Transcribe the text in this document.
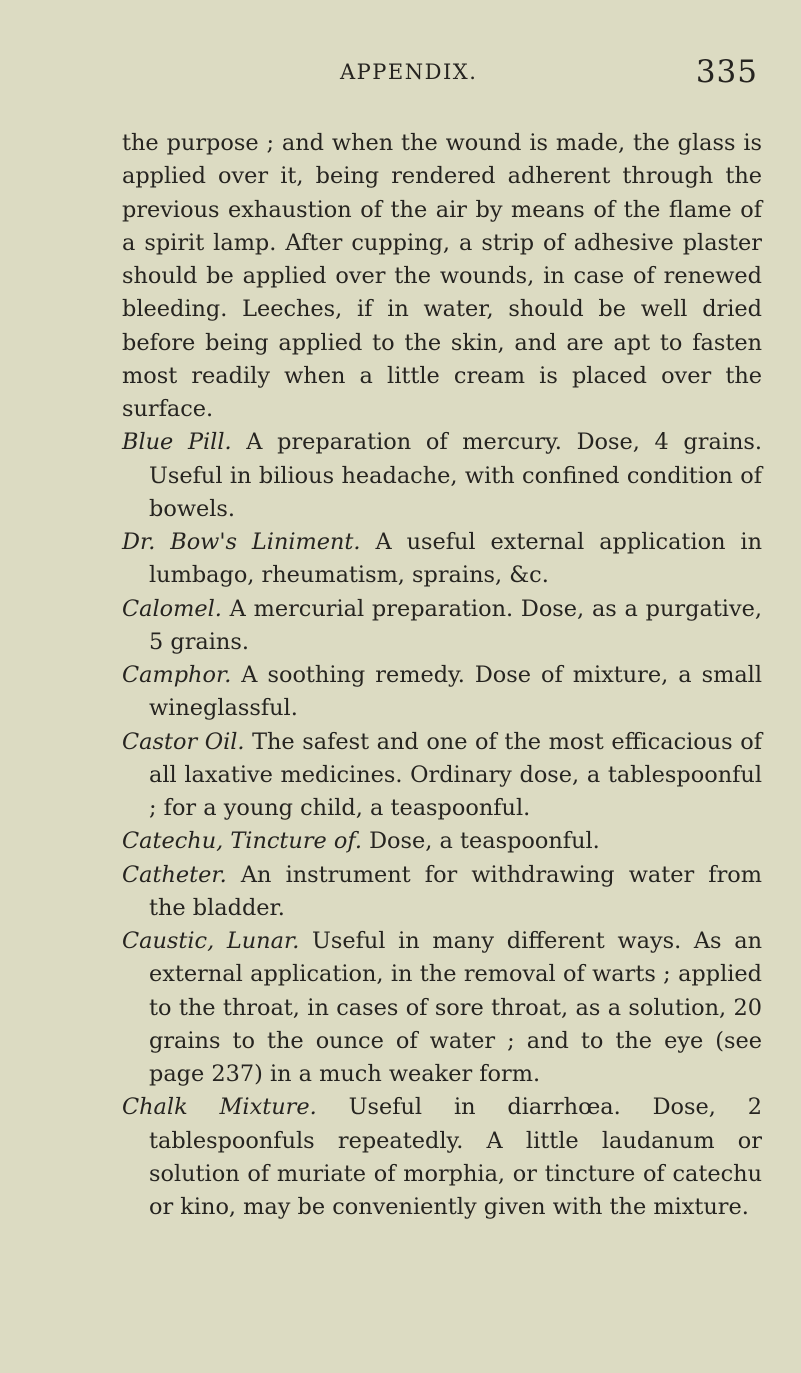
APPENDIX.	335

the purpose ; and when the wound is made, the glass is applied over it, being rendered adherent through the previous exhaustion of the air by means of the flame of a spirit lamp. After cupping, a strip of adhesive plaster should be applied over the wounds, in case of renewed bleeding. Leeches, if in water, should be well dried before being applied to the skin, and are apt to fasten most readily when a little cream is placed over the surface.

Blue Pill. A preparation of mercury. Dose, 4 grains. Useful in bilious headache, with confined condition of bowels.

Dr. Bow's Liniment. A useful external application in lumbago, rheumatism, sprains, &c.

Calomel. A mercurial preparation. Dose, as a purgative, 5 grains.

Camphor. A soothing remedy. Dose of mixture, a small wineglassful.

Castor Oil. The safest and one of the most efficacious of all laxative medicines. Ordinary dose, a tablespoonful ; for a young child, a teaspoonful.

Catechu, Tincture of. Dose, a teaspoonful.

Catheter. An instrument for withdrawing water from the bladder.

Caustic, Lunar. Useful in many different ways. As an external application, in the removal of warts ; applied to the throat, in cases of sore throat, as a solution, 20 grains to the ounce of water ; and to the eye (see page 237) in a much weaker form.

Chalk Mixture. Useful in diarrhœa. Dose, 2 tablespoonfuls repeatedly. A little laudanum or solution of muriate of morphia, or tincture of catechu or kino, may be conveniently given with the mixture.
